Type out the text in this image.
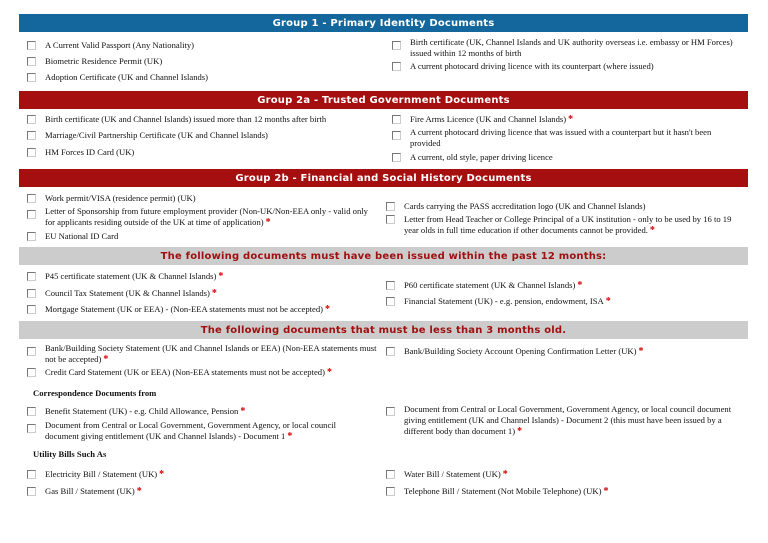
Group 1 - Primary Identity Documents
A Current Valid Passport (Any Nationality)
Biometric Residence Permit (UK)
Adoption Certificate (UK and Channel Islands)
Birth certificate (UK, Channel Islands and UK authority overseas i.e. embassy or HM Forces) issued within 12 months of birth
A current photocard driving licence with its counterpart (where issued)
Group 2a - Trusted Government Documents
Birth certificate (UK and Channel Islands) issued more than 12 months after birth
Marriage/Civil Partnership Certificate (UK and Channel Islands)
HM Forces ID Card (UK)
Fire Arms Licence (UK and Channel Islands) *
A current photocard driving licence that was issued with a counterpart but it hasn't been provided
A current, old style, paper driving licence
Group 2b - Financial and Social History Documents
Work permit/VISA (residence permit) (UK)
Letter of Sponsorship from future employment provider (Non-UK/Non-EEA only - valid only for applicants residing outside of the UK at time of application) *
EU National ID Card
Cards carrying the PASS accreditation logo (UK and Channel Islands)
Letter from Head Teacher or College Principal of a UK institution - only to be used by 16 to 19 year olds in full time education if other documents cannot be provided. *
The following documents must have been issued within the past 12 months:
P45 certificate statement (UK & Channel Islands) *
Council Tax Statement (UK & Channel Islands) *
Mortgage Statement (UK or EEA) - (Non-EEA statements must not be accepted) *
P60 certificate statement (UK & Channel Islands) *
Financial Statement (UK) - e.g. pension, endowment, ISA *
The following documents that must be less than 3 months old.
Bank/Building Society Statement (UK and Channel Islands or EEA) (Non-EEA statements must not be accepted) *
Credit Card Statement (UK or EEA) (Non-EEA statements must not be accepted) *
Bank/Building Society Account Opening Confirmation Letter (UK) *
Correspondence Documents from
Benefit Statement (UK) - e.g. Child Allowance, Pension *
Document from Central or Local Government, Government Agency, or local council document giving entitlement (UK and Channel Islands) - Document 1 *
Document from Central or Local Government, Government Agency, or local council document giving entitlement (UK and Channel Islands) - Document 2 (this must have been issued by a different body than document 1) *
Utility Bills Such As
Electricity Bill / Statement (UK) *
Gas Bill / Statement (UK) *
Water Bill / Statement (UK) *
Telephone Bill / Statement (Not Mobile Telephone) (UK) *
